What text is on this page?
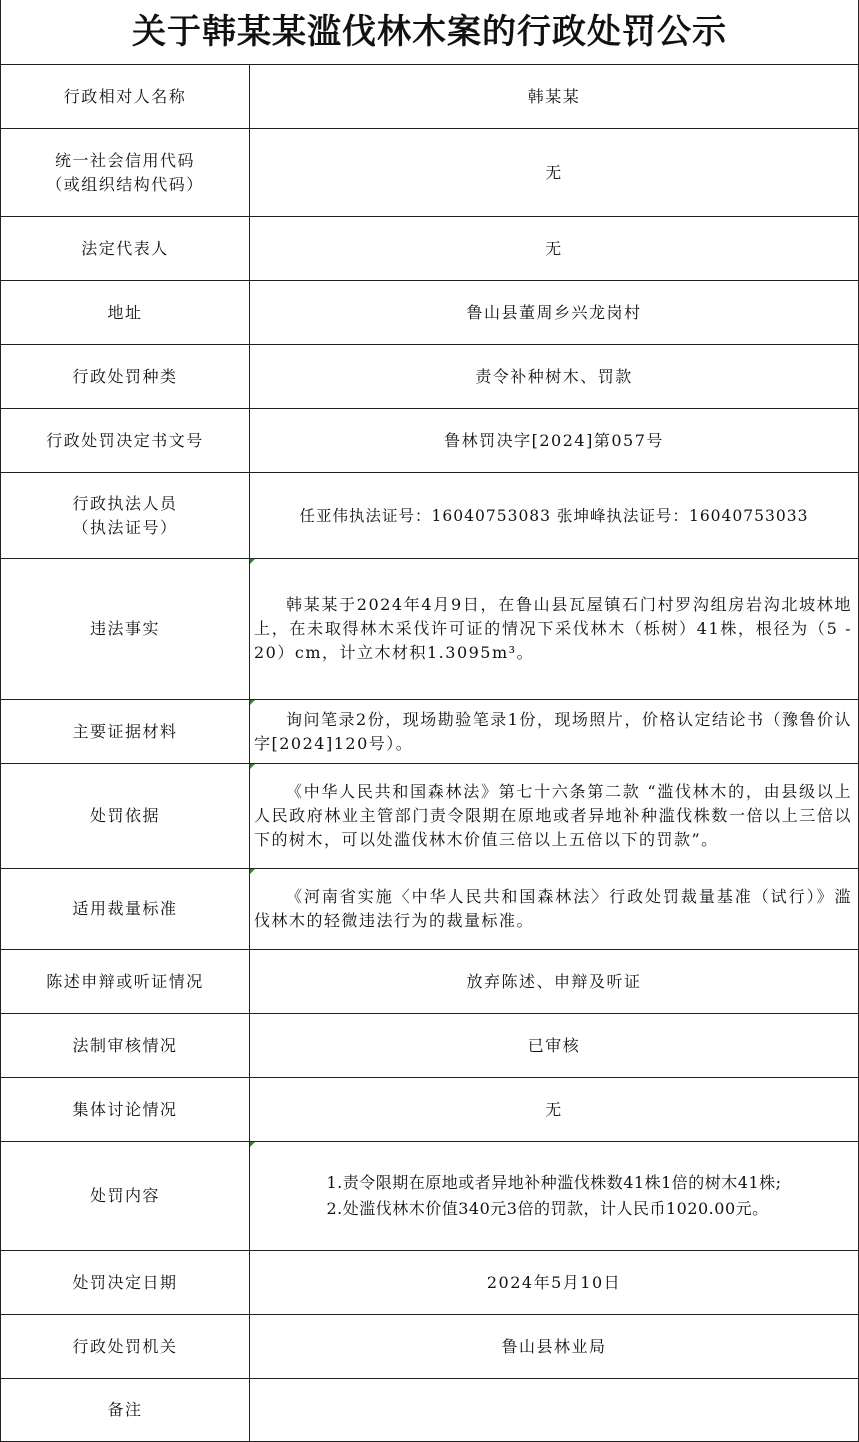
关于韩某某滥伐林木案的行政处罚公示
行政相对人名称	韩某某

统一社会信用代码
（或组织结构代码）	无
法定代表人	无
地址	鲁山县董周乡兴龙岗村
行政处罚种类	责令补种树木、罚款
行政处罚决定书文号	鲁林罚决字[2024]第057号

行政执法人员
（执法证号）	任亚伟执法证号：16040753083 张坤峰执法证号：16040753033
违法事实	韩某某于2024年4月9日，在鲁山县瓦屋镇石门村罗沟组房岩沟北坡林地上，在未取得林木采伐许可证的情况下采伐林木（栎树）41株，根径为（5 - 20）cm，计立木材积1.3095m³。

主要证据材料	询问笔录2份，现场勘验笔录1份，现场照片，价格认定结论书（豫鲁价认字[2024]120号）。

处罚依据	《中华人民共和国森林法》第七十六条第二款 “滥伐林木的，由县级以上人民政府林业主管部门责令限期在原地或者异地补种滥伐株数一倍以上三倍以下的树木，可以处滥伐林木价值三倍以上五倍以下的罚款”。

适用裁量标准	《河南省实施〈中华人民共和国森林法〉行政处罚裁量基准（试行）》滥伐林木的轻微违法行为的裁量标准。

陈述申辩或听证情况	放弃陈述、申辩及听证
法制审核情况	已审核
集体讨论情况	无
处罚内容	1.责令限期在原地或者异地补种滥伐株数41株1倍的树木41株;
2.处滥伐林木价值340元3倍的罚款，计人民币1020.00元。

处罚决定日期	2024年5月10日
行政处罚机关	鲁山县林业局
备注	
